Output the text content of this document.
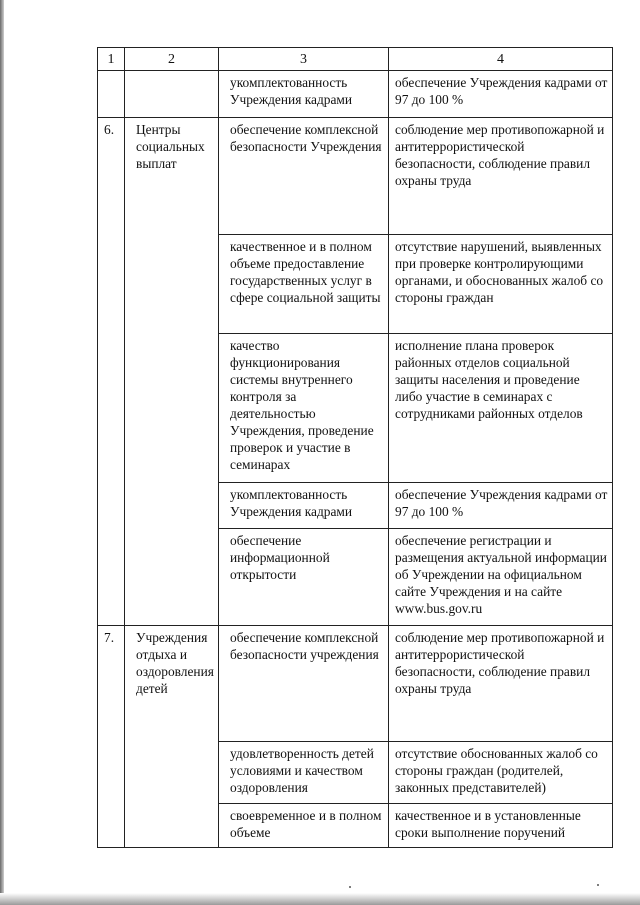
1	2	3	4
		укомплектованность Учреждения кадрами	обеспечение Учреждения кадрами от 97 до 100 %
6.	Центры социальных выплат	обеспечение комплексной безопасности Учреждения	соблюдение мер противопожарной и антитеррористической безопасности, соблюдение правил охраны труда
		качественное и в полном объеме предоставление государственных услуг в сфере социальной защиты	отсутствие нарушений, выявленных при проверке контролирующими органами, и обоснованных жалоб со стороны граждан
		качество функционирования системы внутреннего контроля за деятельностью Учреждения, проведение проверок и участие в семинарах	исполнение плана проверок районных отделов социальной защиты населения и проведение либо участие в семинарах с сотрудниками районных отделов
		укомплектованность Учреждения кадрами	обеспечение Учреждения кадрами от 97 до 100 %
		обеспечение информационной открытости	обеспечение регистрации и размещения актуальной информации об Учреждении на официальном сайте Учреждения и на сайте www.bus.gov.ru
7.	Учреждения отдыха и оздоровления детей	обеспечение комплексной безопасности учреждения	соблюдение мер противопожарной и антитеррористической безопасности, соблюдение правил охраны труда
		удовлетворенность детей условиями и качеством оздоровления	отсутствие обоснованных жалоб со стороны граждан (родителей, законных представителей)
		своевременное и в полном объеме	качественное и в установленные сроки выполнение поручений
